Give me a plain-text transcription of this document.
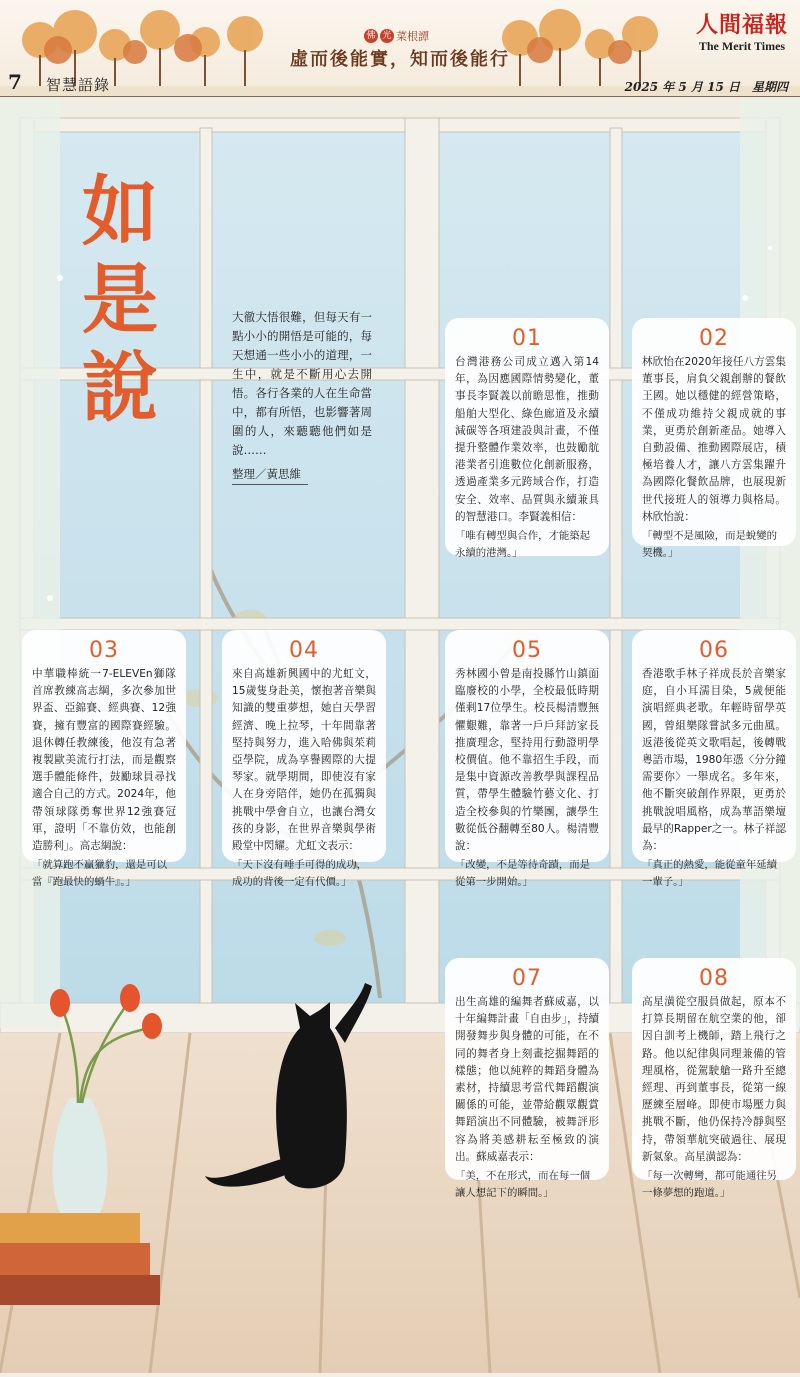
佛 光 菜根譚
虛而後能實，知而後能行
人間福報
The Merit Times
7 智慧語錄	2025 年 5 月 15 日　星期四
如是說
大徹大悟很難，但每天有一點小小的開悟是可能的，每天想通一些小小的道理，一生中，就是不斷用心去開悟。各行各業的人在生命當中，都有所悟，也影響著周圍的人，來聽聽他們如是說……
整理／黃思維
01
台灣港務公司成立邁入第14年，為因應國際情勢變化，董事長李賢義以前瞻思惟，推動船舶大型化、綠色廊道及永續減碳等各項建設與計畫，不僅提升整體作業效率，也鼓勵航港業者引進數位化創新服務，透過產業多元跨域合作，打造安全、效率、品質與永續兼具的智慧港口。李賢義相信：
「唯有轉型與合作，才能築起永續的港灣。」
02
林欣怡在2020年接任八方雲集董事長，肩負父親創辦的餐飲王國。她以穩健的經營策略，不僅成功維持父親成就的事業，更勇於創新產品。她導入自動設備、推動國際展店，積極培養人才，讓八方雲集躍升為國際化餐飲品牌，也展現新世代接班人的領導力與格局。林欣怡說：
「轉型不是風險，而是蛻變的契機。」
03
中華職棒統一7-ELEVEn獅隊首席教練高志綱，多次參加世界盃、亞錦賽、經典賽、12強賽，擁有豐富的國際賽經驗。退休轉任教練後，他沒有急著複製歐美流行打法，而是觀察選手體能條件，鼓勵球員尋找適合自己的方式。2024年，他帶領球隊勇奪世界12強賽冠軍，證明「不靠仿效，也能創造勝利」。高志綱說：
「就算跑不贏獵豹，還是可以當『跑最快的蝸牛』。」
04
來自高雄新興國中的尤虹文，15歲隻身赴美，懷抱著音樂與知識的雙重夢想，她白天學習經濟、晚上拉琴，十年間靠著堅持與努力，進入哈佛與茱莉亞學院，成為享譽國際的大提琴家。就學期間，即使沒有家人在身旁陪伴，她仍在孤獨與挑戰中學會自立，也讓台灣女孩的身影，在世界音樂與學術殿堂中閃耀。尤虹文表示：
「天下沒有唾手可得的成功，成功的背後一定有代價。」
05
秀林國小曾是南投縣竹山鎮面臨廢校的小學，全校最低時期僅剩17位學生。校長楊清豐無懼艱難，靠著一戶戶拜訪家長推廣理念，堅持用行動證明學校價值。他不靠招生手段，而是集中資源改善教學與課程品質，帶學生體驗竹藝文化、打造全校參與的竹樂團，讓學生數從低谷翻轉至80人。楊清豐說：
「改變，不是等待奇蹟，而是從第一步開始。」
06
香港歌手林子祥成長於音樂家庭，自小耳濡目染，5歲便能演唱經典老歌。年輕時留學英國，曾組樂隊嘗試多元曲風。返港後從英文歌唱起，後轉戰粵語市場，1980年憑〈分分鐘需要你〉一舉成名。多年來，他不斷突破創作界限，更勇於挑戰說唱風格，成為華語樂壇最早的Rapper之一。林子祥認為：
「真正的熱愛，能從童年延續一輩子。」
07
出生高雄的編舞者蘇威嘉，以十年編舞計畫「自由步」，持續開發舞步與身體的可能，在不同的舞者身上刻畫挖掘舞蹈的樣態；他以純粹的舞蹈身體為素材，持續思考當代舞蹈觀演關係的可能，並帶給觀眾觀賞舞蹈演出不同體驗，被舞評形容為將美感耕耘至極致的演出。蘇威嘉表示：
「美，不在形式，而在每一個讓人想記下的瞬間。」
08
高星潢從空服員做起，原本不打算長期留在航空業的他，卻因自訓考上機師，踏上飛行之路。他以紀律與同理兼備的管理風格，從駕駛艙一路升至總經理、再到董事長，從第一線歷練至層峰。即使市場壓力與挑戰不斷，他仍保持冷靜與堅持，帶領華航突破過往、展現新氣象。高星潢認為：
「每一次轉彎，都可能通往另一條夢想的跑道。」
